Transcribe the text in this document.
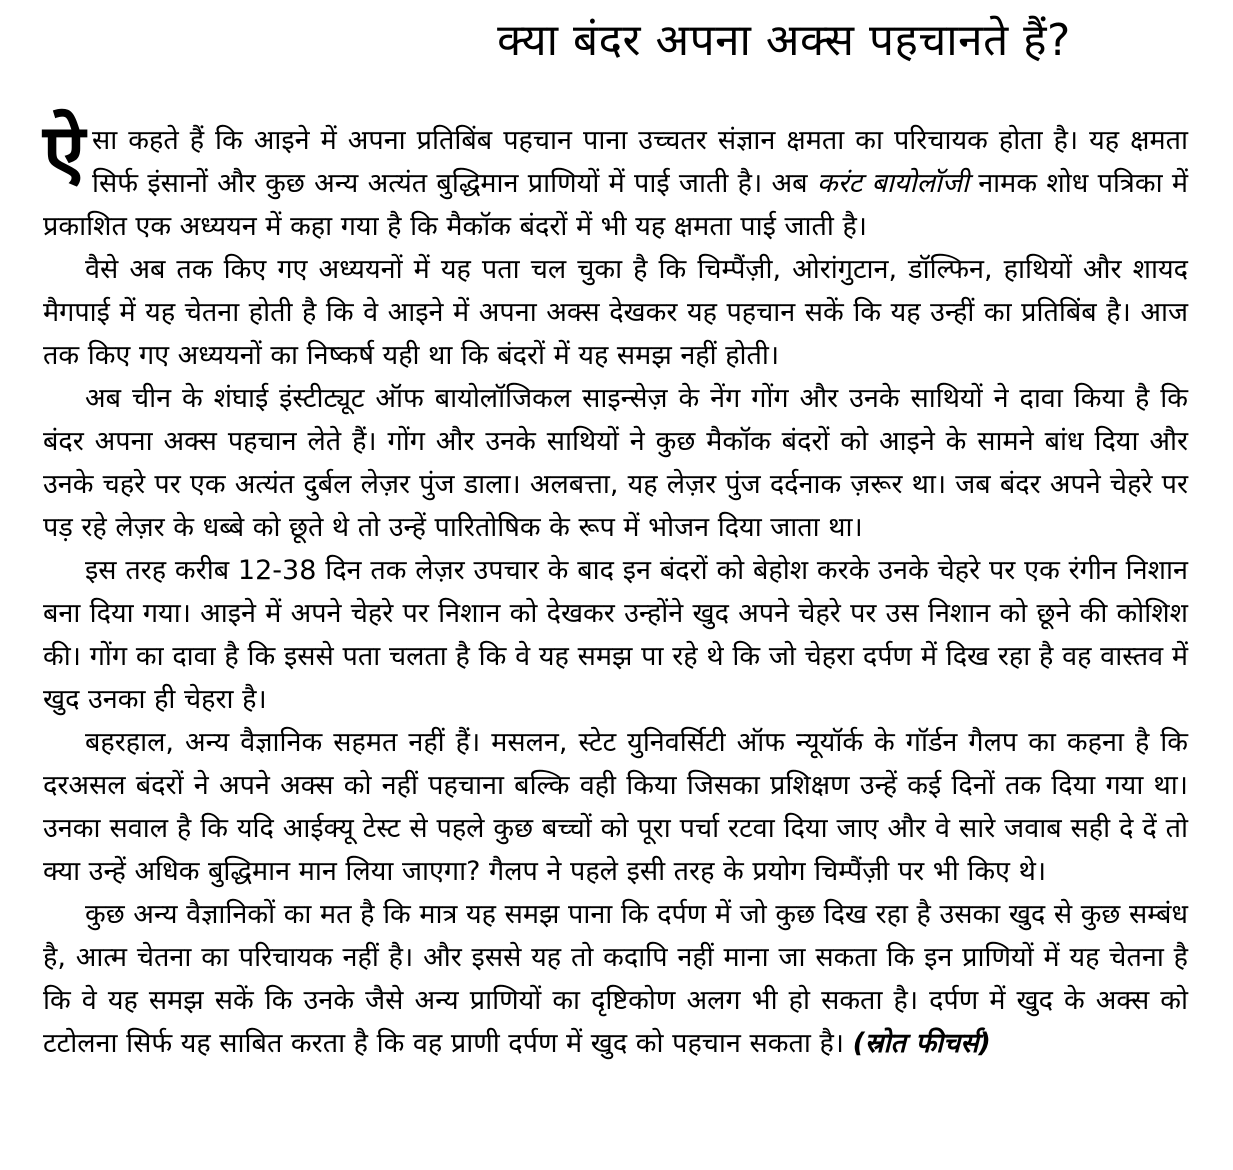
क्या बंदर अपना अक्स पहचानते हैं?

ऐसा कहते हैं कि आइने में अपना प्रतिबिंब पहचान पाना उच्चतर संज्ञान क्षमता का परिचायक होता है। यह क्षमता सिर्फ इंसानों और कुछ अन्य अत्यंत बुद्धिमान प्राणियों में पाई जाती है। अब करंट बायोलॉजी नामक शोध पत्रिका में प्रकाशित एक अध्ययन में कहा गया है कि मैकॉक बंदरों में भी यह क्षमता पाई जाती है।

वैसे अब तक किए गए अध्ययनों में यह पता चल चुका है कि चिम्पैंज़ी, ओरांगुटान, डॉल्फिन, हाथियों और शायद मैगपाई में यह चेतना होती है कि वे आइने में अपना अक्स देखकर यह पहचान सकें कि यह उन्हीं का प्रतिबिंब है। आज तक किए गए अध्ययनों का निष्कर्ष यही था कि बंदरों में यह समझ नहीं होती।

अब चीन के शंघाई इंस्टीट्यूट ऑफ बायोलॉजिकल साइन्सेज़ के नेंग गोंग और उनके साथियों ने दावा किया है कि बंदर अपना अक्स पहचान लेते हैं। गोंग और उनके साथियों ने कुछ मैकॉक बंदरों को आइने के सामने बांध दिया और उनके चहरे पर एक अत्यंत दुर्बल लेज़र पुंज डाला। अलबत्ता, यह लेज़र पुंज दर्दनाक ज़रूर था। जब बंदर अपने चेहरे पर पड़ रहे लेज़र के धब्बे को छूते थे तो उन्हें पारितोषिक के रूप में भोजन दिया जाता था।

इस तरह करीब 12-38 दिन तक लेज़र उपचार के बाद इन बंदरों को बेहोश करके उनके चेहरे पर एक रंगीन निशान बना दिया गया। आइने में अपने चेहरे पर निशान को देखकर उन्होंने खुद अपने चेहरे पर उस निशान को छूने की कोशिश की। गोंग का दावा है कि इससे पता चलता है कि वे यह समझ पा रहे थे कि जो चेहरा दर्पण में दिख रहा है वह वास्तव में खुद उनका ही चेहरा है।

बहरहाल, अन्य वैज्ञानिक सहमत नहीं हैं। मसलन, स्टेट युनिवर्सिटी ऑफ न्यूयॉर्क के गॉर्डन गैलप का कहना है कि दरअसल बंदरों ने अपने अक्स को नहीं पहचाना बल्कि वही किया जिसका प्रशिक्षण उन्हें कई दिनों तक दिया गया था। उनका सवाल है कि यदि आईक्यू टेस्ट से पहले कुछ बच्चों को पूरा पर्चा रटवा दिया जाए और वे सारे जवाब सही दे दें तो क्या उन्हें अधिक बुद्धिमान मान लिया जाएगा? गैलप ने पहले इसी तरह के प्रयोग चिम्पैंज़ी पर भी किए थे।

कुछ अन्य वैज्ञानिकों का मत है कि मात्र यह समझ पाना कि दर्पण में जो कुछ दिख रहा है उसका खुद से कुछ सम्बंध है, आत्म चेतना का परिचायक नहीं है। और इससे यह तो कदापि नहीं माना जा सकता कि इन प्राणियों में यह चेतना है कि वे यह समझ सकें कि उनके जैसे अन्य प्राणियों का दृष्टिकोण अलग भी हो सकता है। दर्पण में खुद के अक्स को टटोलना सिर्फ यह साबित करता है कि वह प्राणी दर्पण में खुद को पहचान सकता है। (स्रोत फीचर्स)
